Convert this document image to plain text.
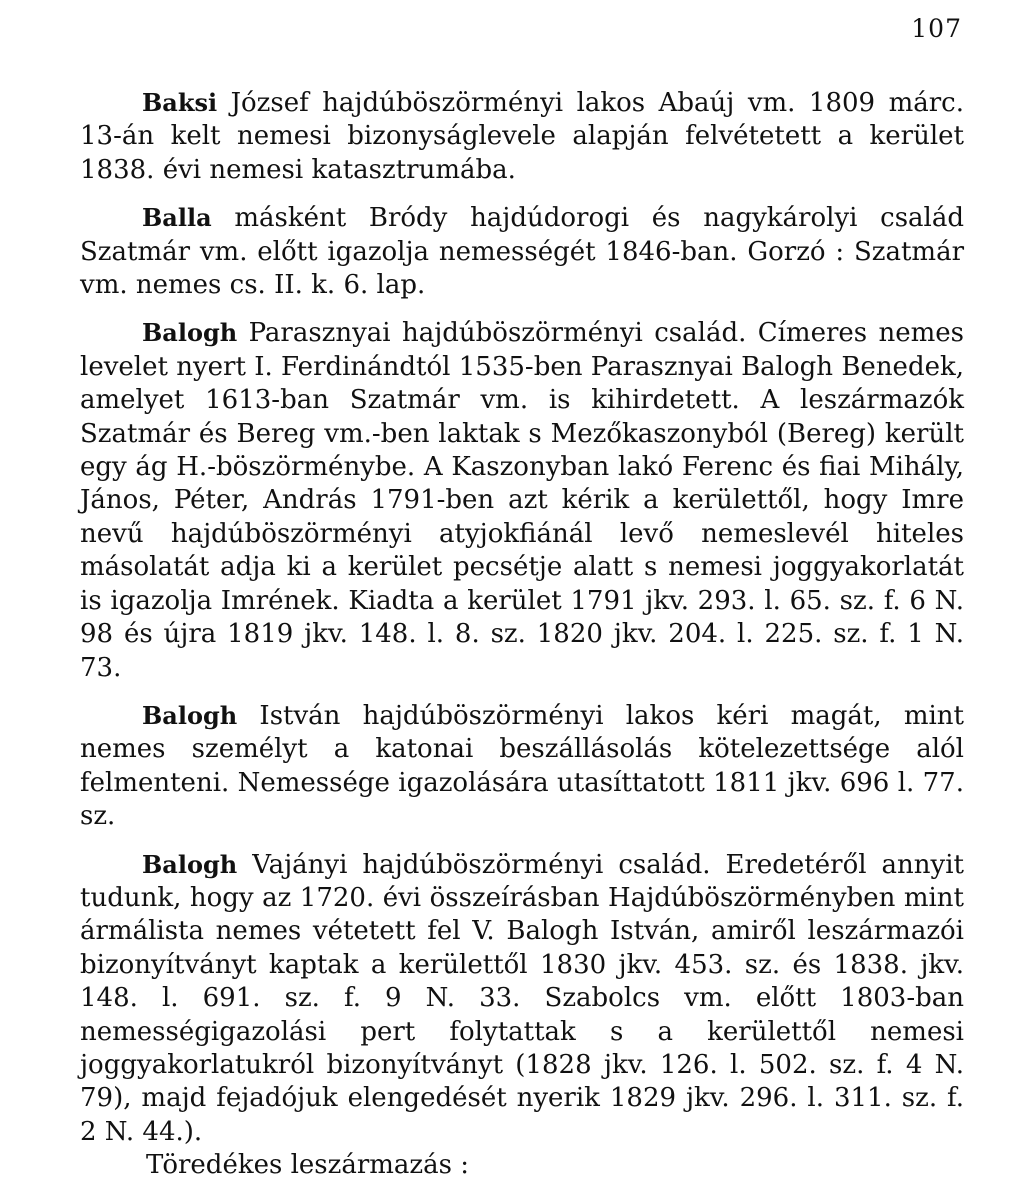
107

Baksi József hajdúböszörményi lakos Abaúj vm. 1809 márc. 13-án kelt nemesi bizonyságlevele alapján felvétetett a kerület 1838. évi nemesi katasztrumába.

Balla másként Bródy hajdúdorogi és nagykárolyi család Szatmár vm. előtt igazolja nemességét 1846-ban. Gorzó : Szatmár vm. nemes cs. II. k. 6. lap.

Balogh Parasznyai hajdúböszörményi család. Címeres nemes levelet nyert I. Ferdinándtól 1535-ben Parasznyai Balogh Benedek, amelyet 1613-ban Szatmár vm. is kihirdetett. A leszármazók Szatmár és Bereg vm.-ben laktak s Mezőkaszonyból (Bereg) került egy ág H.-böszörménybe. A Kaszonyban lakó Ferenc és fiai Mihály, János, Péter, András 1791-ben azt kérik a kerülettől, hogy Imre nevű hajdúböszörményi atyjokfiánál levő nemeslevél hiteles másolatát adja ki a kerület pecsétje alatt s nemesi joggyakorlatát is igazolja Imrének. Kiadta a kerület 1791 jkv. 293. l. 65. sz. f. 6 N. 98 és újra 1819 jkv. 148. l. 8. sz. 1820 jkv. 204. l. 225. sz. f. 1 N. 73.

Balogh István hajdúböszörményi lakos kéri magát, mint nemes személyt a katonai beszállásolás kötelezettsége alól felmenteni. Nemessége igazolására utasíttatott 1811 jkv. 696 l. 77. sz.

Balogh Vajányi hajdúböszörményi család. Eredetéről annyit tudunk, hogy az 1720. évi összeírásban Hajdúböszörményben mint ármálista nemes vétetett fel V. Balogh István, amiről leszármazói bizonyítványt kaptak a kerülettől 1830 jkv. 453. sz. és 1838. jkv. 148. l. 691. sz. f. 9 N. 33. Szabolcs vm. előtt 1803-ban nemességigazolási pert folytattak s a kerülettől nemesi joggyakorlatukról bizonyítványt (1828 jkv. 126. l. 502. sz. f. 4 N. 79), majd fejadójuk elengedését nyerik 1829 jkv. 296. l. 311. sz. f. 2 N. 44.).

Töredékes leszármazás :
